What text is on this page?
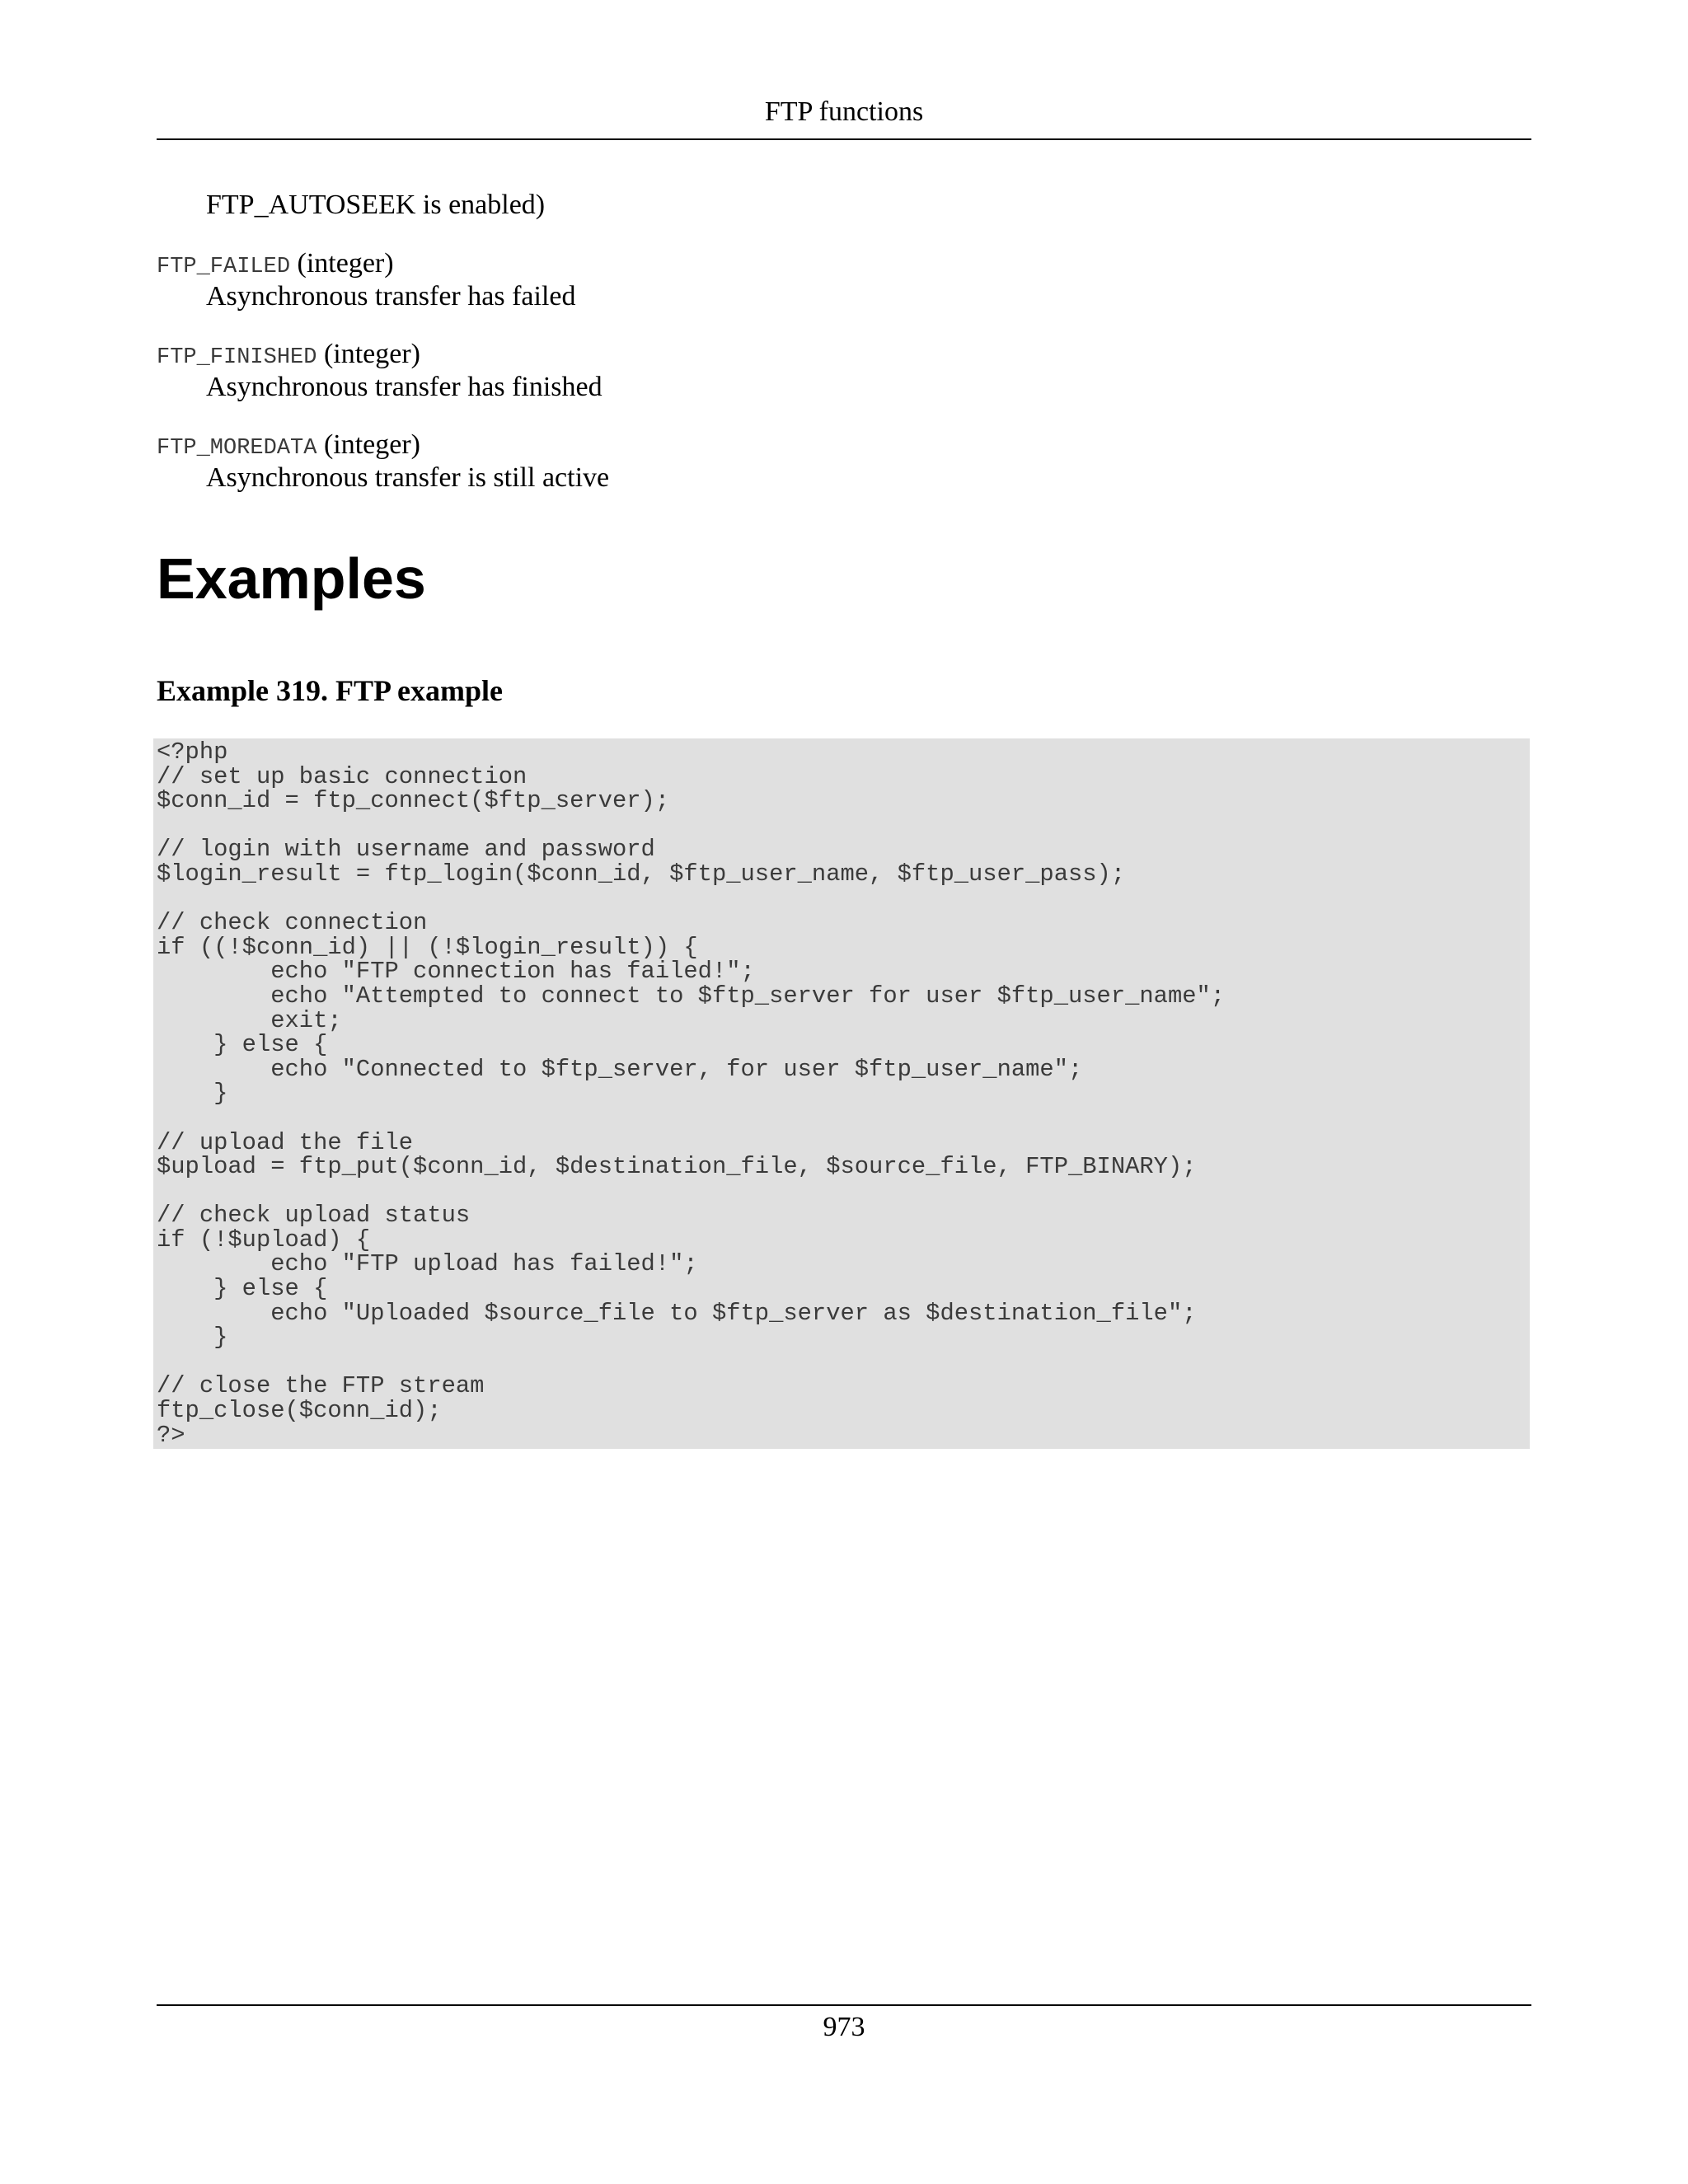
FTP functions
FTP_AUTOSEEK is enabled)
FTP_FAILED (integer)
Asynchronous transfer has failed
FTP_FINISHED (integer)
Asynchronous transfer has finished
FTP_MOREDATA (integer)
Asynchronous transfer is still active
Examples
Example 319. FTP example
<?php
// set up basic connection
$conn_id = ftp_connect($ftp_server);

// login with username and password
$login_result = ftp_login($conn_id, $ftp_user_name, $ftp_user_pass);

// check connection
if ((!$conn_id) || (!$login_result)) {
echo "FTP connection has failed!";
echo "Attempted to connect to $ftp_server for user $ftp_user_name";
exit;
} else {
echo "Connected to $ftp_server, for user $ftp_user_name";
}

// upload the file
$upload = ftp_put($conn_id, $destination_file, $source_file, FTP_BINARY);

// check upload status
if (!$upload) {
echo "FTP upload has failed!";
} else {
echo "Uploaded $source_file to $ftp_server as $destination_file";
}

// close the FTP stream
ftp_close($conn_id);
?>
973
